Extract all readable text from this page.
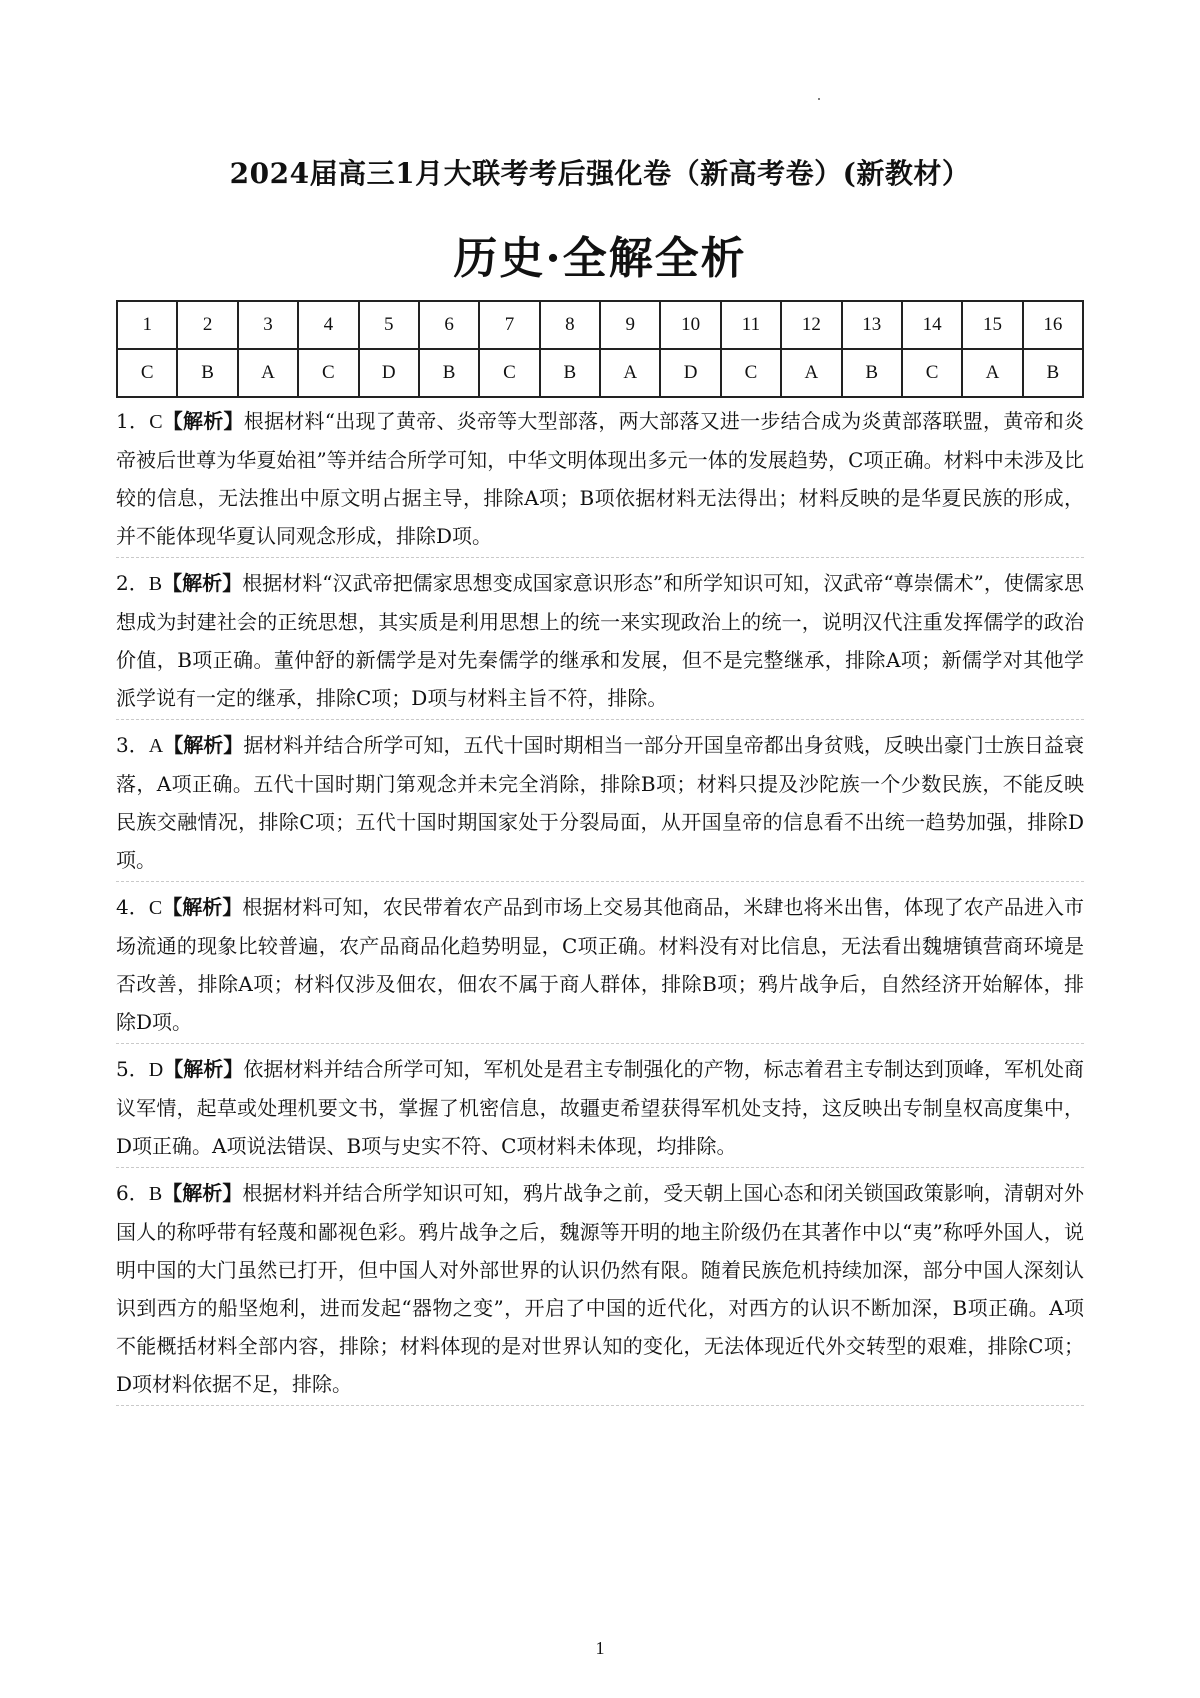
2024届高三1月大联考考后强化卷（新高考卷）(新教材）
历史·全解全析
1	2	3	4	5	6	7	8	9	10	11	12	13	14	15	16
C	B	A	C	D	B	C	B	A	D	C	A	B	C	A	B
1．C【解析】根据材料“出现了黄帝、炎帝等大型部落，两大部落又进一步结合成为炎黄部落联盟，黄帝和炎帝被后世尊为华夏始祖”等并结合所学可知，中华文明体现出多元一体的发展趋势，C项正确。材料中未涉及比较的信息，无法推出中原文明占据主导，排除A项；B项依据材料无法得出；材料反映的是华夏民族的形成，并不能体现华夏认同观念形成，排除D项。
2．B【解析】根据材料“汉武帝把儒家思想变成国家意识形态”和所学知识可知，汉武帝“尊崇儒术”，使儒家思想成为封建社会的正统思想，其实质是利用思想上的统一来实现政治上的统一，说明汉代注重发挥儒学的政治价值，B项正确。董仲舒的新儒学是对先秦儒学的继承和发展，但不是完整继承，排除A项；新儒学对其他学派学说有一定的继承，排除C项；D项与材料主旨不符，排除。
3．A【解析】据材料并结合所学可知，五代十国时期相当一部分开国皇帝都出身贫贱，反映出豪门士族日益衰落，A项正确。五代十国时期门第观念并未完全消除，排除B项；材料只提及沙陀族一个少数民族，不能反映民族交融情况，排除C项；五代十国时期国家处于分裂局面，从开国皇帝的信息看不出统一趋势加强，排除D项。
4．C【解析】根据材料可知，农民带着农产品到市场上交易其他商品，米肆也将米出售，体现了农产品进入市场流通的现象比较普遍，农产品商品化趋势明显，C项正确。材料没有对比信息，无法看出魏塘镇营商环境是否改善，排除A项；材料仅涉及佃农，佃农不属于商人群体，排除B项；鸦片战争后，自然经济开始解体，排除D项。
5．D【解析】依据材料并结合所学可知，军机处是君主专制强化的产物，标志着君主专制达到顶峰，军机处商议军情，起草或处理机要文书，掌握了机密信息，故疆吏希望获得军机处支持，这反映出专制皇权高度集中，D项正确。A项说法错误、B项与史实不符、C项材料未体现，均排除。
6．B【解析】根据材料并结合所学知识可知，鸦片战争之前，受天朝上国心态和闭关锁国政策影响，清朝对外国人的称呼带有轻蔑和鄙视色彩。鸦片战争之后，魏源等开明的地主阶级仍在其著作中以“夷”称呼外国人，说明中国的大门虽然已打开，但中国人对外部世界的认识仍然有限。随着民族危机持续加深，部分中国人深刻认识到西方的船坚炮利，进而发起“器物之变”，开启了中国的近代化，对西方的认识不断加深，B项正确。A项不能概括材料全部内容，排除；材料体现的是对世界认知的变化，无法体现近代外交转型的艰难，排除C项；D项材料依据不足，排除。
1
